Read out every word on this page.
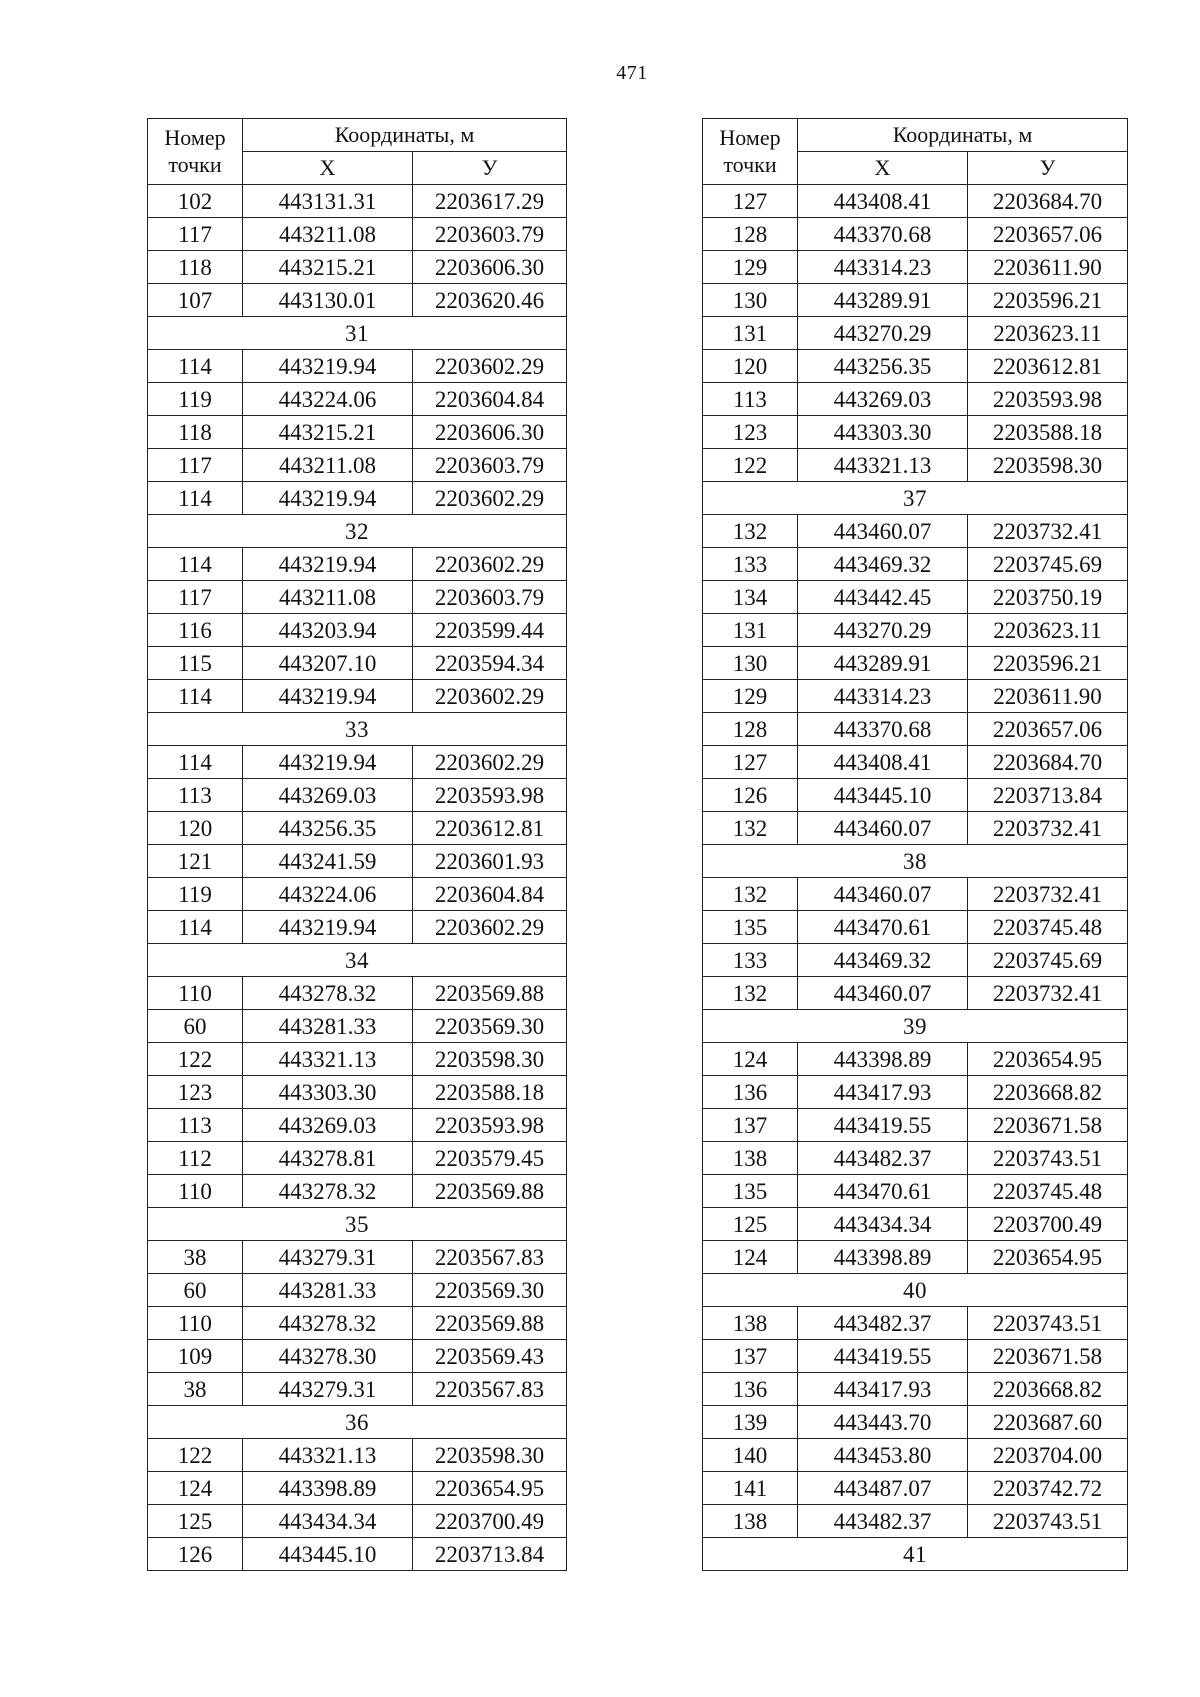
471
Номер точки	Координаты, м	
	X	У
102	443131.31	2203617.29
117	443211.08	2203603.79
118	443215.21	2203606.30
107	443130.01	2203620.46
31		
114	443219.94	2203602.29
119	443224.06	2203604.84
118	443215.21	2203606.30
117	443211.08	2203603.79
114	443219.94	2203602.29
32		
114	443219.94	2203602.29
117	443211.08	2203603.79
116	443203.94	2203599.44
115	443207.10	2203594.34
114	443219.94	2203602.29
33		
114	443219.94	2203602.29
113	443269.03	2203593.98
120	443256.35	2203612.81
121	443241.59	2203601.93
119	443224.06	2203604.84
114	443219.94	2203602.29
34		
110	443278.32	2203569.88
60	443281.33	2203569.30
122	443321.13	2203598.30
123	443303.30	2203588.18
113	443269.03	2203593.98
112	443278.81	2203579.45
110	443278.32	2203569.88
35		
38	443279.31	2203567.83
60	443281.33	2203569.30
110	443278.32	2203569.88
109	443278.30	2203569.43
38	443279.31	2203567.83
36		
122	443321.13	2203598.30
124	443398.89	2203654.95
125	443434.34	2203700.49
126	443445.10	2203713.84
Номер точки	Координаты, м	
	X	У
127	443408.41	2203684.70
128	443370.68	2203657.06
129	443314.23	2203611.90
130	443289.91	2203596.21
131	443270.29	2203623.11
120	443256.35	2203612.81
113	443269.03	2203593.98
123	443303.30	2203588.18
122	443321.13	2203598.30
37		
132	443460.07	2203732.41
133	443469.32	2203745.69
134	443442.45	2203750.19
131	443270.29	2203623.11
130	443289.91	2203596.21
129	443314.23	2203611.90
128	443370.68	2203657.06
127	443408.41	2203684.70
126	443445.10	2203713.84
132	443460.07	2203732.41
38		
132	443460.07	2203732.41
135	443470.61	2203745.48
133	443469.32	2203745.69
132	443460.07	2203732.41
39		
124	443398.89	2203654.95
136	443417.93	2203668.82
137	443419.55	2203671.58
138	443482.37	2203743.51
135	443470.61	2203745.48
125	443434.34	2203700.49
124	443398.89	2203654.95
40		
138	443482.37	2203743.51
137	443419.55	2203671.58
136	443417.93	2203668.82
139	443443.70	2203687.60
140	443453.80	2203704.00
141	443487.07	2203742.72
138	443482.37	2203743.51
41		
